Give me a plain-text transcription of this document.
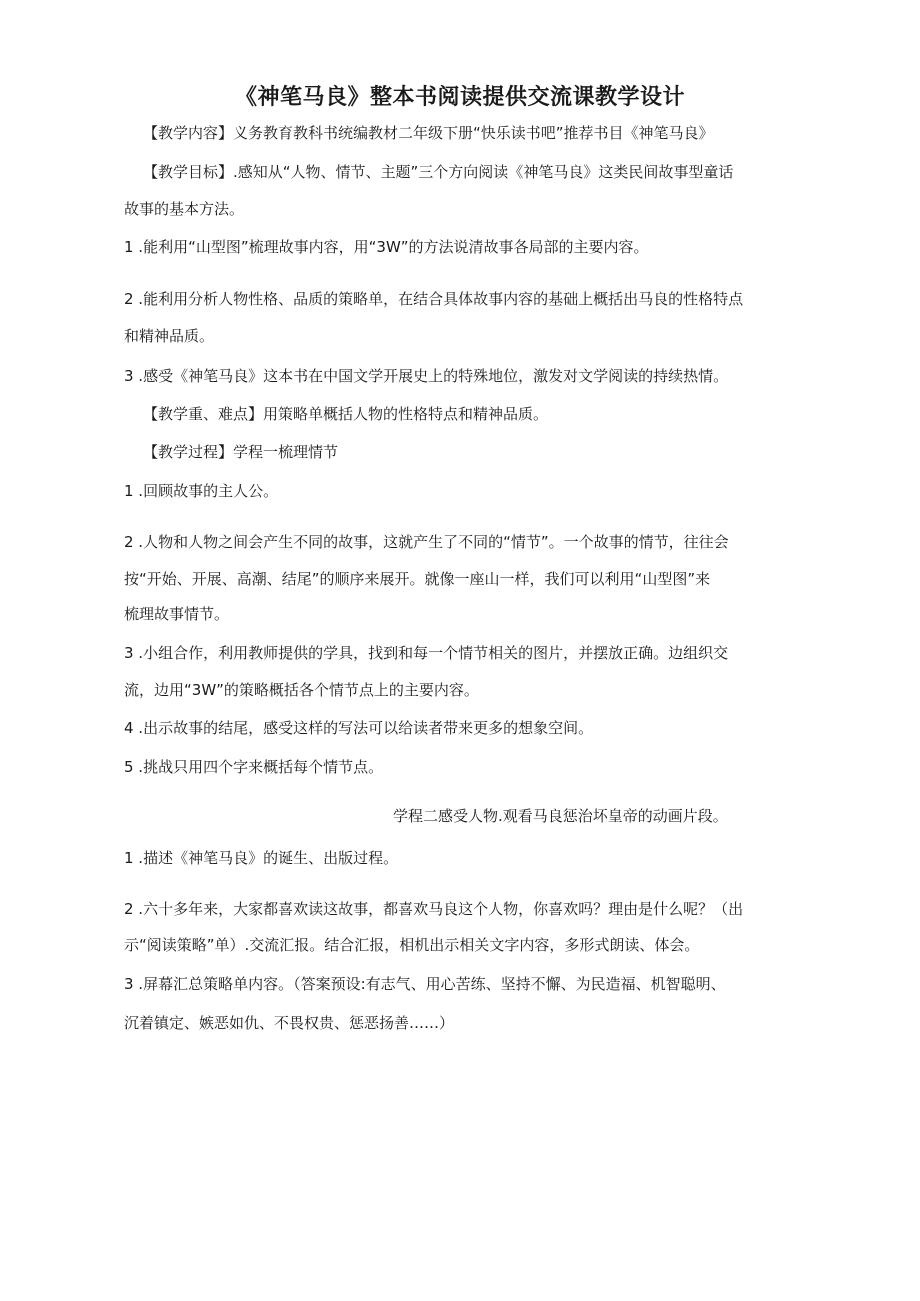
《神笔马良》整本书阅读提供交流课教学设计
【教学内容】义务教育教科书统编教材二年级下册“快乐读书吧”推荐书目《神笔马良》
【教学目标】.感知从“人物、情节、主题”三个方向阅读《神笔马良》这类民间故事型童话
故事的基本方法。
1 .能利用“山型图”梳理故事内容，用“3W”的方法说清故事各局部的主要内容。
2 .能利用分析人物性格、品质的策略单，在结合具体故事内容的基础上概括出马良的性格特点
和精神品质。
3 .感受《神笔马良》这本书在中国文学开展史上的特殊地位，激发对文学阅读的持续热情。
【教学重、难点】用策略单概括人物的性格特点和精神品质。
【教学过程】学程一梳理情节
1 .回顾故事的主人公。
2 .人物和人物之间会产生不同的故事，这就产生了不同的“情节”。一个故事的情节，往往会
按“开始、开展、高潮、结尾”的顺序来展开。就像一座山一样，我们可以利用“山型图”来
梳理故事情节。
3 .小组合作，利用教师提供的学具，找到和每一个情节相关的图片，并摆放正确。边组织交
流，边用“3W”的策略概括各个情节点上的主要内容。
4 .出示故事的结尾，感受这样的写法可以给读者带来更多的想象空间。
5 .挑战只用四个字来概括每个情节点。
学程二感受人物.观看马良惩治坏皇帝的动画片段。
1 .描述《神笔马良》的诞生、出版过程。
2 .六十多年来，大家都喜欢读这故事，都喜欢马良这个人物，你喜欢吗？理由是什么呢？（出
示“阅读策略”单）.交流汇报。结合汇报，相机出示相关文字内容，多形式朗读、体会。
3 .屏幕汇总策略单内容。（答案预设:有志气、用心苦练、坚持不懈、为民造福、机智聪明、
沉着镇定、嫉恶如仇、不畏权贵、惩恶扬善……）
